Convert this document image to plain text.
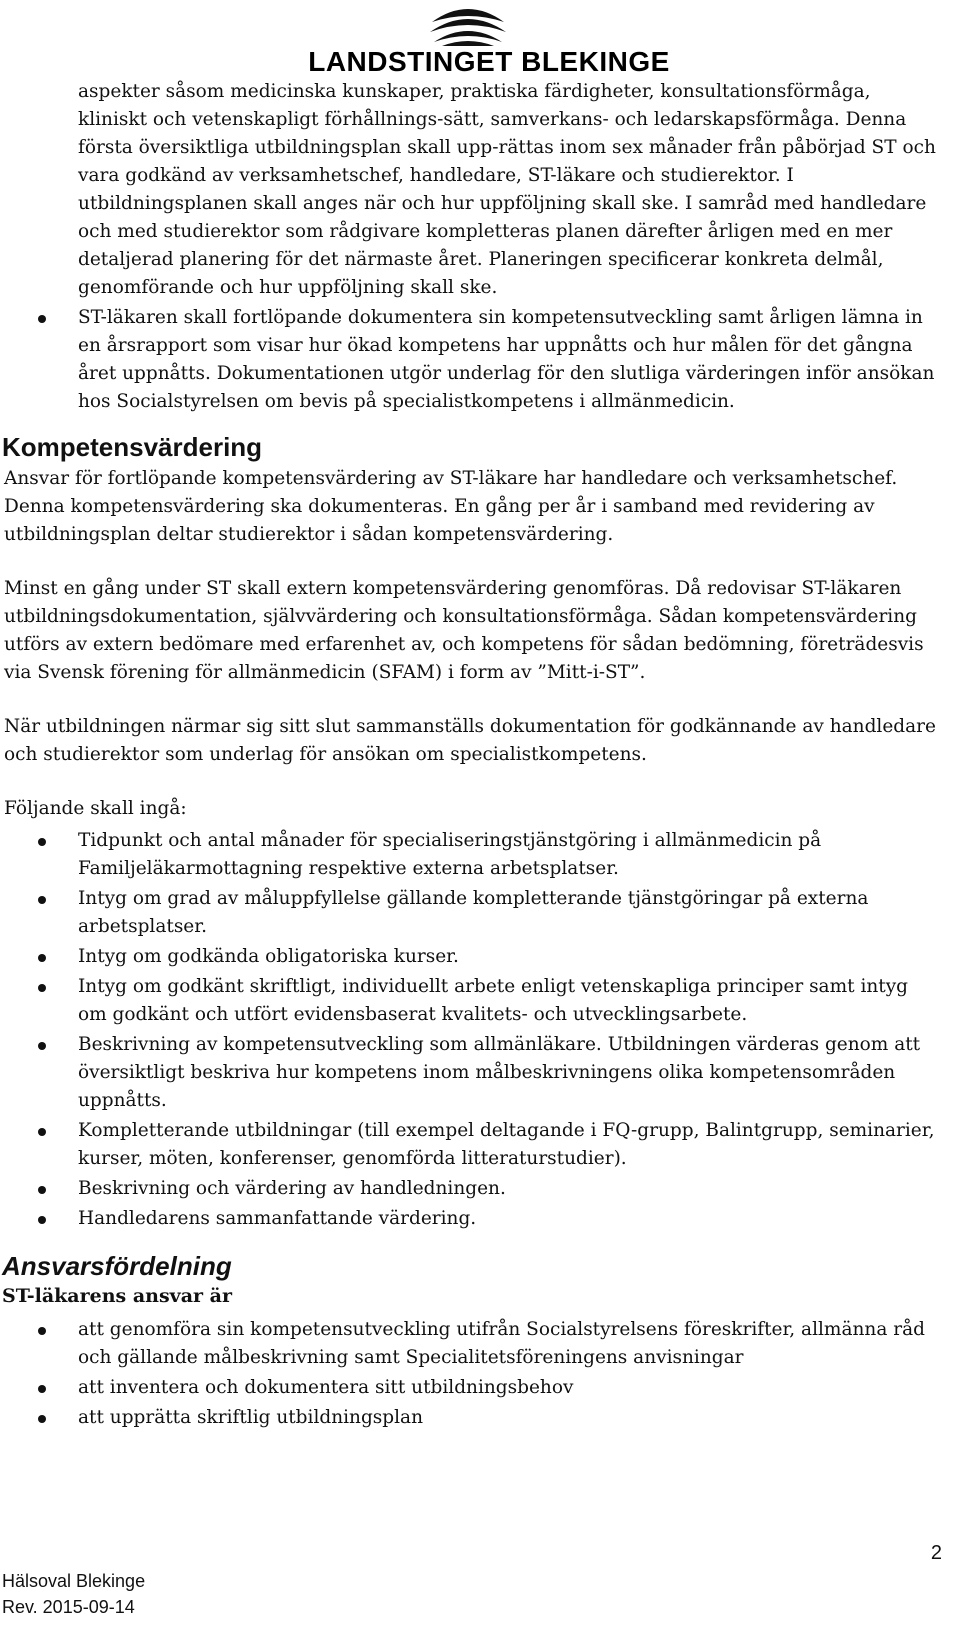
LANDSTINGET BLEKINGE
aspekter såsom medicinska kunskaper, praktiska färdigheter, konsultationsförmåga, kliniskt och vetenskapligt förhållnings-sätt, samverkans- och ledarskapsförmåga. Denna första översiktliga utbildningsplan skall upp-rättas inom sex månader från påbörjad ST och vara godkänd av verksamhetschef, handledare, ST-läkare och studierektor. I utbildningsplanen skall anges när och hur uppföljning skall ske. I samråd med handledare och med studierektor som rådgivare kompletteras planen därefter årligen med en mer detaljerad planering för det närmaste året. Planeringen specificerar konkreta delmål, genomförande och hur uppföljning skall ske.
ST-läkaren skall fortlöpande dokumentera sin kompetensutveckling samt årligen lämna in en årsrapport som visar hur ökad kompetens har uppnåtts och hur målen för det gångna året uppnåtts. Dokumentationen utgör underlag för den slutliga värderingen inför ansökan hos Socialstyrelsen om bevis på specialistkompetens i allmänmedicin.
Kompetensvärdering

Ansvar för fortlöpande kompetensvärdering av ST-läkare har handledare och verksamhetschef. Denna kompetensvärdering ska dokumenteras. En gång per år i samband med revidering av utbildningsplan deltar studierektor i sådan kompetensvärdering.

Minst en gång under ST skall extern kompetensvärdering genomföras. Då redovisar ST-läkaren utbildningsdokumentation, självvärdering och konsultationsförmåga. Sådan kompetensvärdering utförs av extern bedömare med erfarenhet av, och kompetens för sådan bedömning, företrädesvis via Svensk förening för allmänmedicin (SFAM) i form av ”Mitt-i-ST”.

När utbildningen närmar sig sitt slut sammanställs dokumentation för godkännande av handledare och studierektor som underlag för ansökan om specialistkompetens.

Följande skall ingå:

Tidpunkt och antal månader för specialiseringstjänstgöring i allmänmedicin på Familjeläkarmottagning respektive externa arbetsplatser.
Intyg om grad av måluppfyllelse gällande kompletterande tjänstgöringar på externa arbetsplatser.
Intyg om godkända obligatoriska kurser.
Intyg om godkänt skriftligt, individuellt arbete enligt vetenskapliga principer samt intyg om godkänt och utfört evidensbaserat kvalitets- och utvecklingsarbete.
Beskrivning av kompetensutveckling som allmänläkare. Utbildningen värderas genom att översiktligt beskriva hur kompetens inom målbeskrivningens olika kompetensområden uppnåtts.
Kompletterande utbildningar (till exempel deltagande i FQ-grupp, Balintgrupp, seminarier, kurser, möten, konferenser, genomförda litteraturstudier).
Beskrivning och värdering av handledningen.
Handledarens sammanfattande värdering.
Ansvarsfördelning

ST-läkarens ansvar är

att genomföra sin kompetensutveckling utifrån Socialstyrelsens föreskrifter, allmänna råd och gällande målbeskrivning samt Specialitetsföreningens anvisningar
att inventera och dokumentera sitt utbildningsbehov
att upprätta skriftlig utbildningsplan
2
Hälsoval Blekinge
Rev. 2015-09-14
